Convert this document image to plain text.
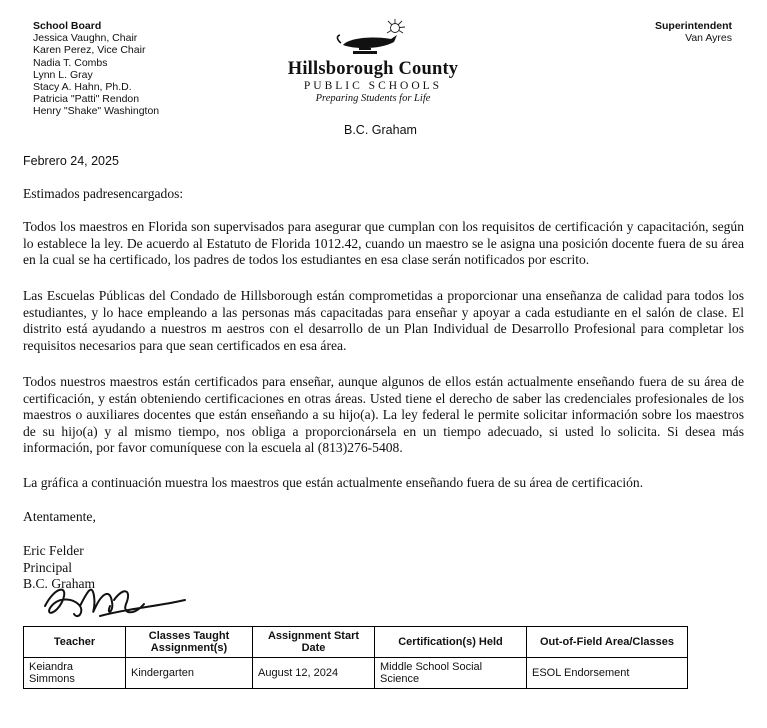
School Board
Jessica Vaughn, Chair
Karen Perez, Vice Chair
Nadia T. Combs
Lynn L. Gray
Stacy A. Hahn, Ph.D.
Patricia "Patti" Rendon
Henry "Shake" Washington
Superintendent
Van Ayres
Hillsborough County
PUBLIC SCHOOLS
Preparing Students for Life
B.C. Graham
Febrero 24, 2025

Estimados padresencargados:

Todos los maestros en Florida son supervisados para asegurar que cumplan con los requisitos de certificación y capacitación, según lo establece la ley. De acuerdo al Estatuto de Florida 1012.42, cuando un maestro se le asigna una posición docente fuera de su área en la cual se ha certificado, los padres de todos los estudiantes en esa clase serán notificados por escrito.

Las Escuelas Públicas del Condado de Hillsborough están comprometidas a proporcionar una enseñanza de calidad para todos los estudiantes, y lo hace empleando a las personas más capacitadas para enseñar y apoyar a cada estudiante en el salón de clase. El distrito está ayudando a nuestros m aestros con el desarrollo de un Plan Individual de Desarrollo Profesional para completar los requisitos necesarios para que sean certificados en esa área.

Todos nuestros maestros están certificados para enseñar, aunque algunos de ellos están actualmente enseñando fuera de su área de certificación, y están obteniendo certificaciones en otras áreas. Usted tiene el derecho de saber las credenciales profesionales de los maestros o auxiliares docentes que están enseñando a su hijo(a). La ley federal le permite solicitar información sobre los maestros de su hijo(a) y al mismo tiempo, nos obliga a proporcionársela en un tiempo adecuado, si usted lo solicita. Si desea más información, por favor comuníquese con la escuela al (813)276-5408.

La gráfica a continuación muestra los maestros que están actualmente enseñando fuera de su área de certificación.

Atentamente,

Eric Felder
Principal
B.C. Graham
Teacher	Classes Taught Assignment(s)	Assignment Start Date	Certification(s) Held	Out-of-Field Area/Classes
Keiandra Simmons	Kindergarten	August 12, 2024	Middle School Social Science	ESOL Endorsement
